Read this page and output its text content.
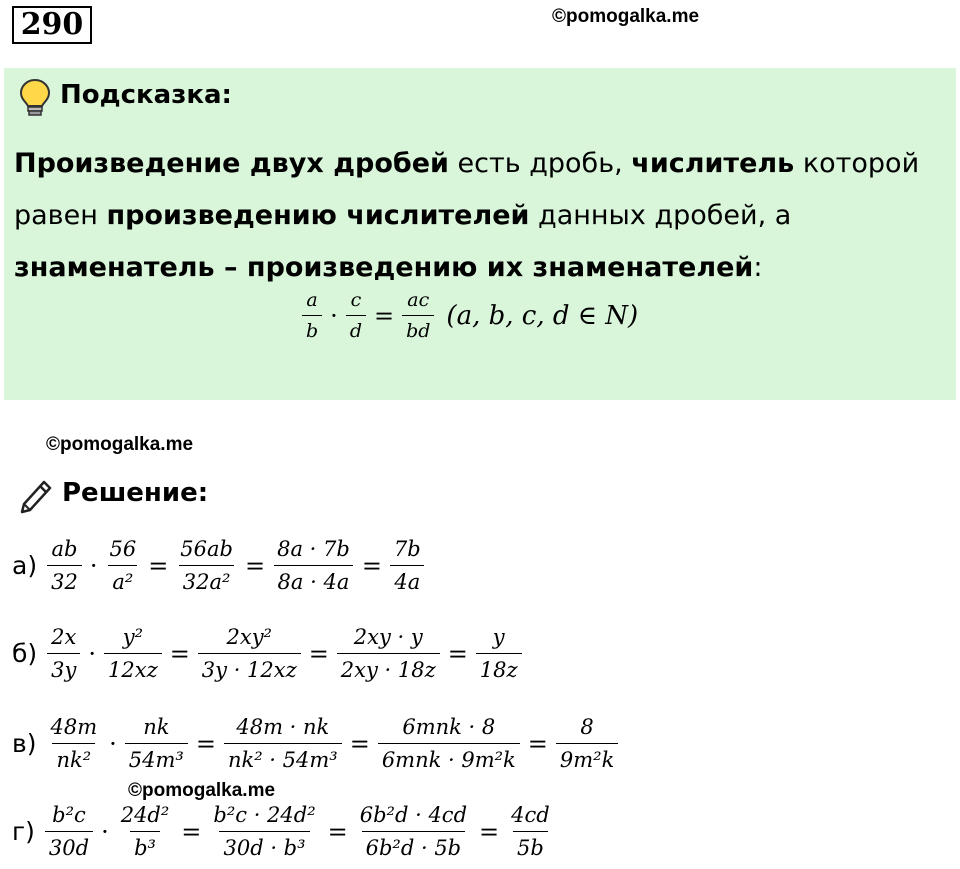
290	©pomogalka.me
Подсказка:
Произведение двух дробей есть дробь, числитель которой равен произведению числителей данных дробей, а знаменатель – произведению их знаменателей:
$\frac{a}{b} \cdot \frac{c}{d} = \frac{ac}{bd} (a$, b, c, d ∈ N)
©pomogalka.me
Решение:
$а) \frac{ab}{32} \cdot \frac{56}{\text{a²}} = \frac{56ab}{\text{32a²}} = \frac{8a \cdot 7b}{8a \cdot 4a} = \frac{7b}{4a}$
$б) \frac{2x}{3y} \cdot \frac{\text{y²}}{12xz} = \frac{\text{2xy²}}{3y \cdot 12xz} = \frac{2xy \cdot y}{2xy \cdot 18z} = \frac{y}{18z}$
$в) \frac{48m}{\text{nk²}} \cdot \frac{nk}{\text{54m³}} = \frac{48m \cdot nk}{\text{nk² · 54m³}} = \frac{\text{6mnk · 8}}{\text{6mnk · 9m²k}} = \frac{8}{\text{9m²k}}$
©pomogalka.me
$г) \frac{\text{b²c}}{30d} \cdot \frac{\text{24d²}}{\text{b³}} = \frac{\text{b²c · 24d²}}{\text{30d · b³}} = \frac{\text{6b²d · 4cd}}{\text{6b²d · 5b}} = \frac{4cd}{5b}$
